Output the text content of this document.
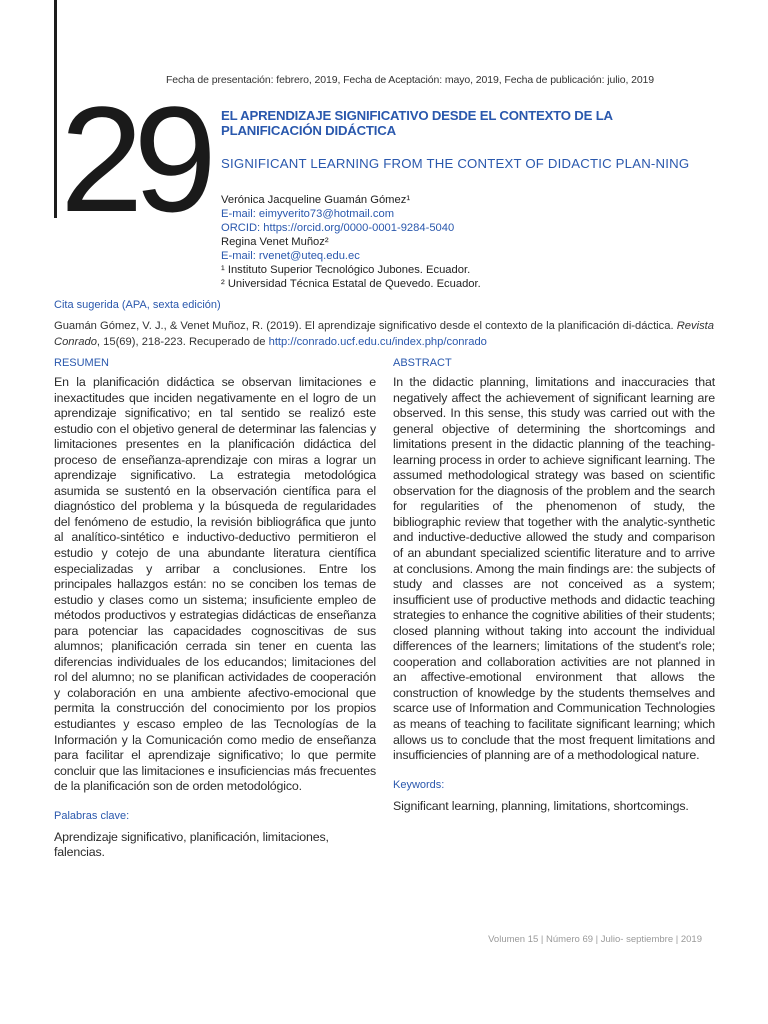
Fecha de presentación: febrero, 2019, Fecha de Aceptación: mayo, 2019, Fecha de publicación: julio, 2019
29 EL APRENDIZAJE SIGNIFICATIVO DESDE EL CONTEXTO DE LA PLANIFICACIÓN DIDÁCTICA
SIGNIFICANT LEARNING FROM THE CONTEXT OF DIDACTIC PLAN-NING
Verónica Jacqueline Guamán Gómez¹
E-mail: eimyverito73@hotmail.com
ORCID: https://orcid.org/0000-0001-9284-5040
Regina Venet Muñoz²
E-mail: rvenet@uteq.edu.ec
¹ Instituto Superior Tecnológico Jubones. Ecuador.
² Universidad Técnica Estatal de Quevedo. Ecuador.
Cita sugerida (APA, sexta edición)
Guamán Gómez, V. J., & Venet Muñoz, R. (2019). El aprendizaje significativo desde el contexto de la planificación di-dáctica. Revista Conrado, 15(69), 218-223. Recuperado de http://conrado.ucf.edu.cu/index.php/conrado
RESUMEN

En la planificación didáctica se observan limitaciones e inexactitudes que inciden negativamente en el logro de un aprendizaje significativo; en tal sentido se realizó este estudio con el objetivo general de determinar las falencias y limitaciones presentes en la planificación didáctica del proceso de enseñanza-aprendizaje con miras a lograr un aprendizaje significativo. La estrategia metodológica asumida se sustentó en la observación científica para el diagnóstico del problema y la búsqueda de regularidades del fenómeno de estudio, la revisión bibliográfica que junto al analítico-sintético e inductivo-deductivo permitieron el estudio y cotejo de una abundante literatura científica especializadas y arribar a conclusiones. Entre los principales hallazgos están: no se conciben los temas de estudio y clases como un sistema; insuficiente empleo de métodos productivos y estrategias didácticas de enseñanza para potenciar las capacidades cognoscitivas de sus alumnos; planificación cerrada sin tener en cuenta las diferencias individuales de los educandos; limitaciones del rol del alumno; no se planifican actividades de cooperación y colaboración en una ambiente afectivo-emocional que permita la construcción del conocimiento por los propios estudiantes y escaso empleo de las Tecnologías de la Información y la Comunicación como medio de enseñanza para facilitar el aprendizaje significativo; lo que permite concluir que las limitaciones e insuficiencias más frecuentes de la planificación son de orden metodológico.

Palabras clave:

Aprendizaje significativo, planificación, limitaciones, falencias.

ABSTRACT

In the didactic planning, limitations and inaccuracies that negatively affect the achievement of significant learning are observed. In this sense, this study was carried out with the general objective of determining the shortcomings and limitations present in the didactic planning of the teaching-learning process in order to achieve significant learning. The assumed methodological strategy was based on scientific observation for the diagnosis of the problem and the search for regularities of the phenomenon of study, the bibliographic review that together with the analytic-synthetic and inductive-deductive allowed the study and comparison of an abundant specialized scientific literature and to arrive at conclusions. Among the main findings are: the subjects of study and classes are not conceived as a system; insufficient use of productive methods and didactic teaching strategies to enhance the cognitive abilities of their students; closed planning without taking into account the individual differences of the learners; limitations of the student's role; cooperation and collaboration activities are not planned in an affective-emotional environment that allows the construction of knowledge by the students themselves and scarce use of Information and Communication Technologies as means of teaching to facilitate significant learning; which allows us to conclude that the most frequent limitations and insufficiencies of planning are of a methodological nature.

Keywords:

Significant learning, planning, limitations, shortcomings.

Volumen 15 | Número 69 | Julio- septiembre | 2019
